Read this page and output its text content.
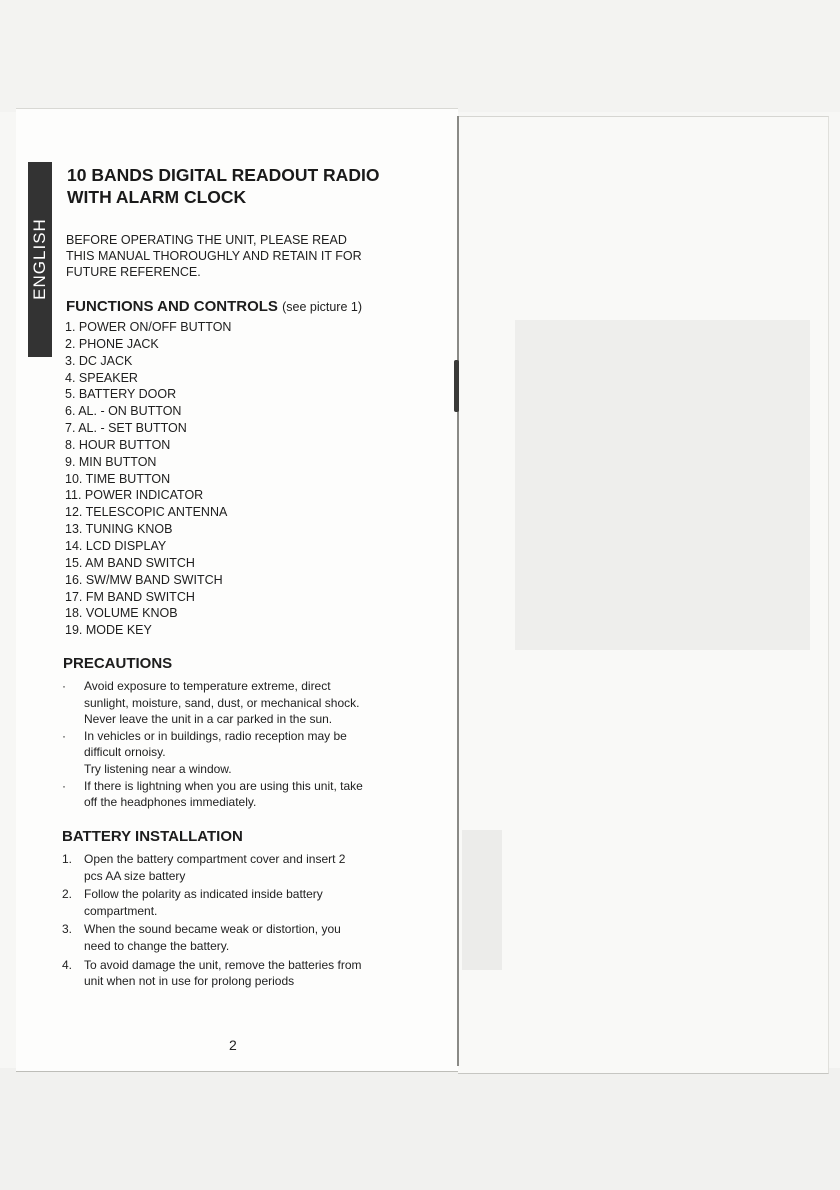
ENGLISH
10 BANDS DIGITAL READOUT RADIO
WITH ALARM CLOCK

BEFORE OPERATING THE UNIT, PLEASE READ
THIS MANUAL THOROUGHLY AND RETAIN IT FOR
FUTURE REFERENCE.

FUNCTIONS AND CONTROLS (see picture 1)
1. POWER ON/OFF BUTTON
2. PHONE JACK
3. DC JACK
4. SPEAKER
5. BATTERY DOOR
6. AL. - ON BUTTON
7. AL. - SET BUTTON
8. HOUR BUTTON
9. MIN BUTTON
10. TIME BUTTON
11. POWER INDICATOR
12. TELESCOPIC ANTENNA
13. TUNING KNOB
14. LCD DISPLAY
15. AM BAND SWITCH
16. SW/MW BAND SWITCH
17. FM BAND SWITCH
18. VOLUME KNOB
19. MODE KEY
PRECAUTIONS
· Avoid exposure to temperature extreme, direct
sunlight, moisture, sand, dust, or mechanical shock.
Never leave the unit in a car parked in the sun.
· In vehicles or in buildings, radio reception may be
difficult ornoisy.
Try listening near a window.
· If there is lightning when you are using this unit, take
off the headphones immediately.
BATTERY INSTALLATION
1. Open the battery compartment cover and insert 2
pcs AA size battery
2. Follow the polarity as indicated inside battery
compartment.
3. When the sound became weak or distortion, you
need to change the battery.
4. To avoid damage the unit, remove the batteries from
unit when not in use for prolong periods
2
